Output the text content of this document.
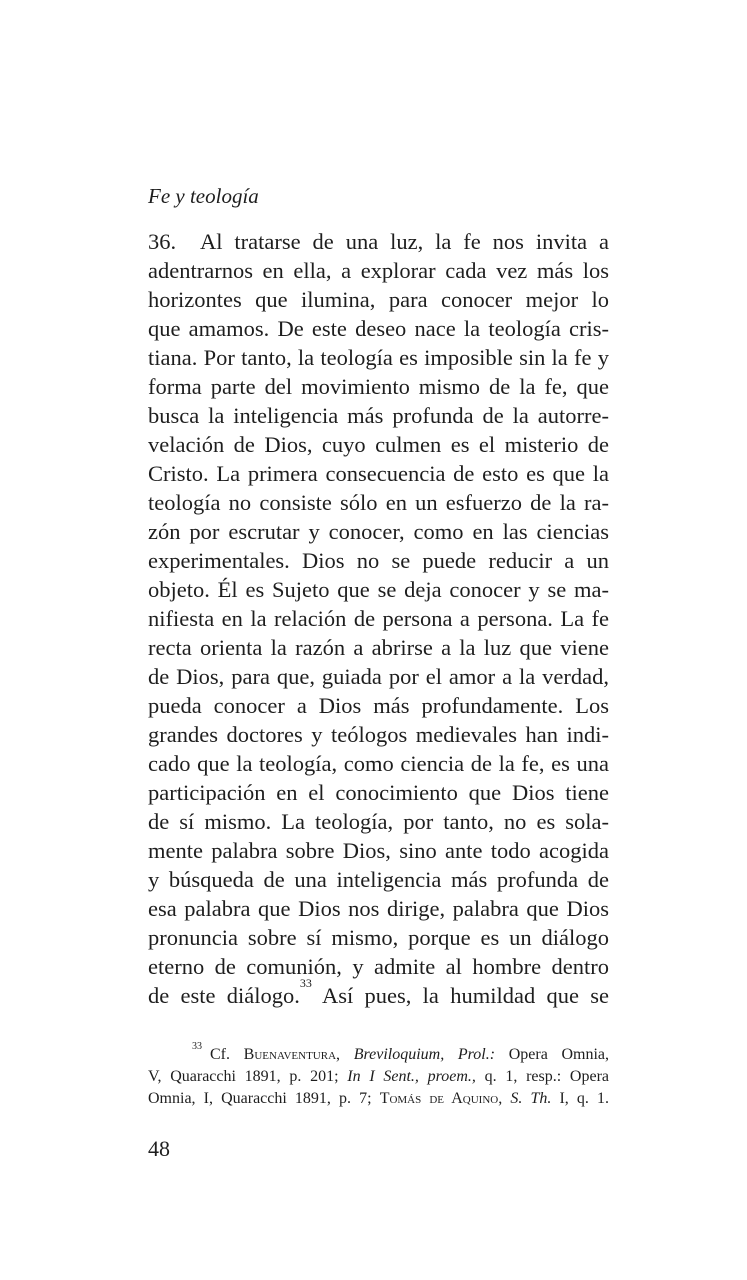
Fe y teología
36. Al tratarse de una luz, la fe nos invita a
adentrarnos en ella, a explorar cada vez más los
horizontes que ilumina, para conocer mejor lo
que amamos. De este deseo nace la teología cris-
tiana. Por tanto, la teología es imposible sin la fe y
forma parte del movimiento mismo de la fe, que
busca la inteligencia más profunda de la autorre-
velación de Dios, cuyo culmen es el misterio de
Cristo. La primera consecuencia de esto es que la
teología no consiste sólo en un esfuerzo de la ra-
zón por escrutar y conocer, como en las ciencias
experimentales. Dios no se puede reducir a un
objeto. Él es Sujeto que se deja conocer y se ma-
nifiesta en la relación de persona a persona. La fe
recta orienta la razón a abrirse a la luz que viene
de Dios, para que, guiada por el amor a la verdad,
pueda conocer a Dios más profundamente. Los
grandes doctores y teólogos medievales han indi-
cado que la teología, como ciencia de la fe, es una
participación en el conocimiento que Dios tiene
de sí mismo. La teología, por tanto, no es sola-
mente palabra sobre Dios, sino ante todo acogida
y búsqueda de una inteligencia más profunda de
esa palabra que Dios nos dirige, palabra que Dios
pronuncia sobre sí mismo, porque es un diálogo
eterno de comunión, y admite al hombre dentro
de este diálogo.$^{33}$ Así pues, la humildad que se
$^{33}$ Cf. Buenaventura, Breviloquium, Prol.: Opera Omnia,
V, Quaracchi 1891, p. 201; In I Sent., proem., q. 1, resp.: Opera
Omnia, I, Quaracchi 1891, p. 7; Tomás de Aquino, S. Th. I, q. 1.
48
